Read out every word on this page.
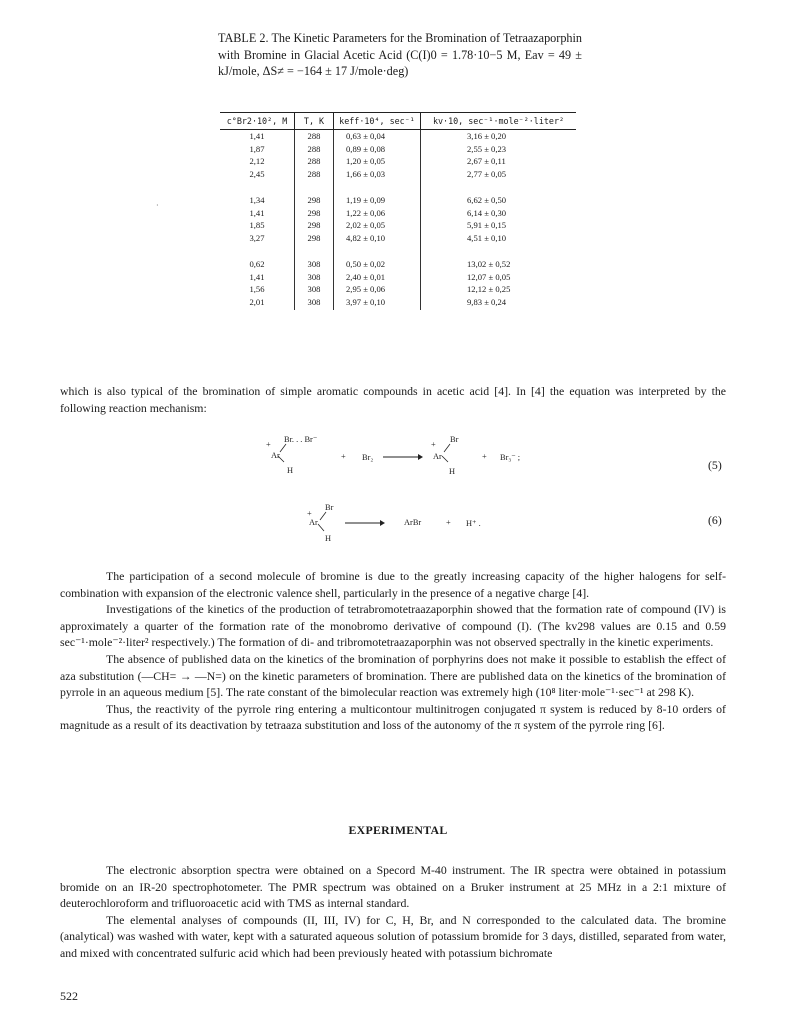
TABLE 2. The Kinetic Parameters for the Bromination of Tetraazaporphin with Bromine in Glacial Acetic Acid (C(I)0 = 1.78·10−5 M, Eav = 49 ± kJ/mole, ΔS≠ = −164 ± 17 J/mole·deg)

c°Br2·10², M	T, K	keff·10⁴, sec⁻¹	kv·10, sec⁻¹·mole⁻²·liter²
1,41	288	0,63 ± 0,04	3,16 ± 0,20
1,87	288	0,89 ± 0,08	2,55 ± 0,23
2,12	288	1,20 ± 0,05	2,67 ± 0,11
2,45	288	1,66 ± 0,03	2,77 ± 0,05

1,34	298	1,19 ± 0,09	6,62 ± 0,50
1,41	298	1,22 ± 0,06	6,14 ± 0,30
1,85	298	2,02 ± 0,05	5,91 ± 0,15
3,27	298	4,82 ± 0,10	4,51 ± 0,10

0,62	308	0,50 ± 0,02	13,02 ± 0,52
1,41	308	2,40 ± 0,01	12,07 ± 0,05
1,56	308	2,95 ± 0,06	12,12 ± 0,25
2,01	308	3,97 ± 0,10	9,83 ± 0,24
·

which is also typical of the bromination of simple aromatic compounds in acetic acid [4]. In [4] the equation was interpreted by the following reaction mechanism:

+
Br. . . Br⁻
Ar
H
+ Br₂ →
+
Br
Ar
H
+ Br₃⁻ ;
(5)
+
Br
Ar
H
→ ArBr	+ H⁺ .	(6)

The participation of a second molecule of bromine is due to the greatly increasing capacity of the higher halogens for self-combination with expansion of the electronic valence shell, particularly in the presence of a negative charge [4].

Investigations of the kinetics of the production of tetrabromotetraazaporphin showed that the formation rate of compound (IV) is approximately a quarter of the formation rate of the monobromo derivative of compound (I). (The kv298 values are 0.15 and 0.59 sec⁻¹·mole⁻²·liter² respectively.) The formation of di- and tribromotetraazaporphin was not observed spectrally in the kinetic experiments.

The absence of published data on the kinetics of the bromination of porphyrins does not make it possible to establish the effect of aza substitution (—CH= → —N=) on the kinetic parameters of bromination. There are published data on the kinetics of the bromination of pyrrole in an aqueous medium [5]. The rate constant of the bimolecular reaction was extremely high (10⁸ liter·mole⁻¹·sec⁻¹ at 298 K).

Thus, the reactivity of the pyrrole ring entering a multicontour multinitrogen conjugated π system is reduced by 8-10 orders of magnitude as a result of its deactivation by tetraaza substitution and loss of the autonomy of the π system of the pyrrole ring [6].

EXPERIMENTAL

The electronic absorption spectra were obtained on a Specord M-40 instrument. The IR spectra were obtained in potassium bromide on an IR-20 spectrophotometer. The PMR spectrum was obtained on a Bruker instrument at 25 MHz in a 2:1 mixture of deuterochloroform and trifluoroacetic acid with TMS as internal standard.

The elemental analyses of compounds (II, III, IV) for C, H, Br, and N corresponded to the calculated data. The bromine (analytical) was washed with water, kept with a saturated aqueous solution of potassium bromide for 3 days, distilled, separated from water, and mixed with concentrated sulfuric acid which had been previously heated with potassium bichromate

522
